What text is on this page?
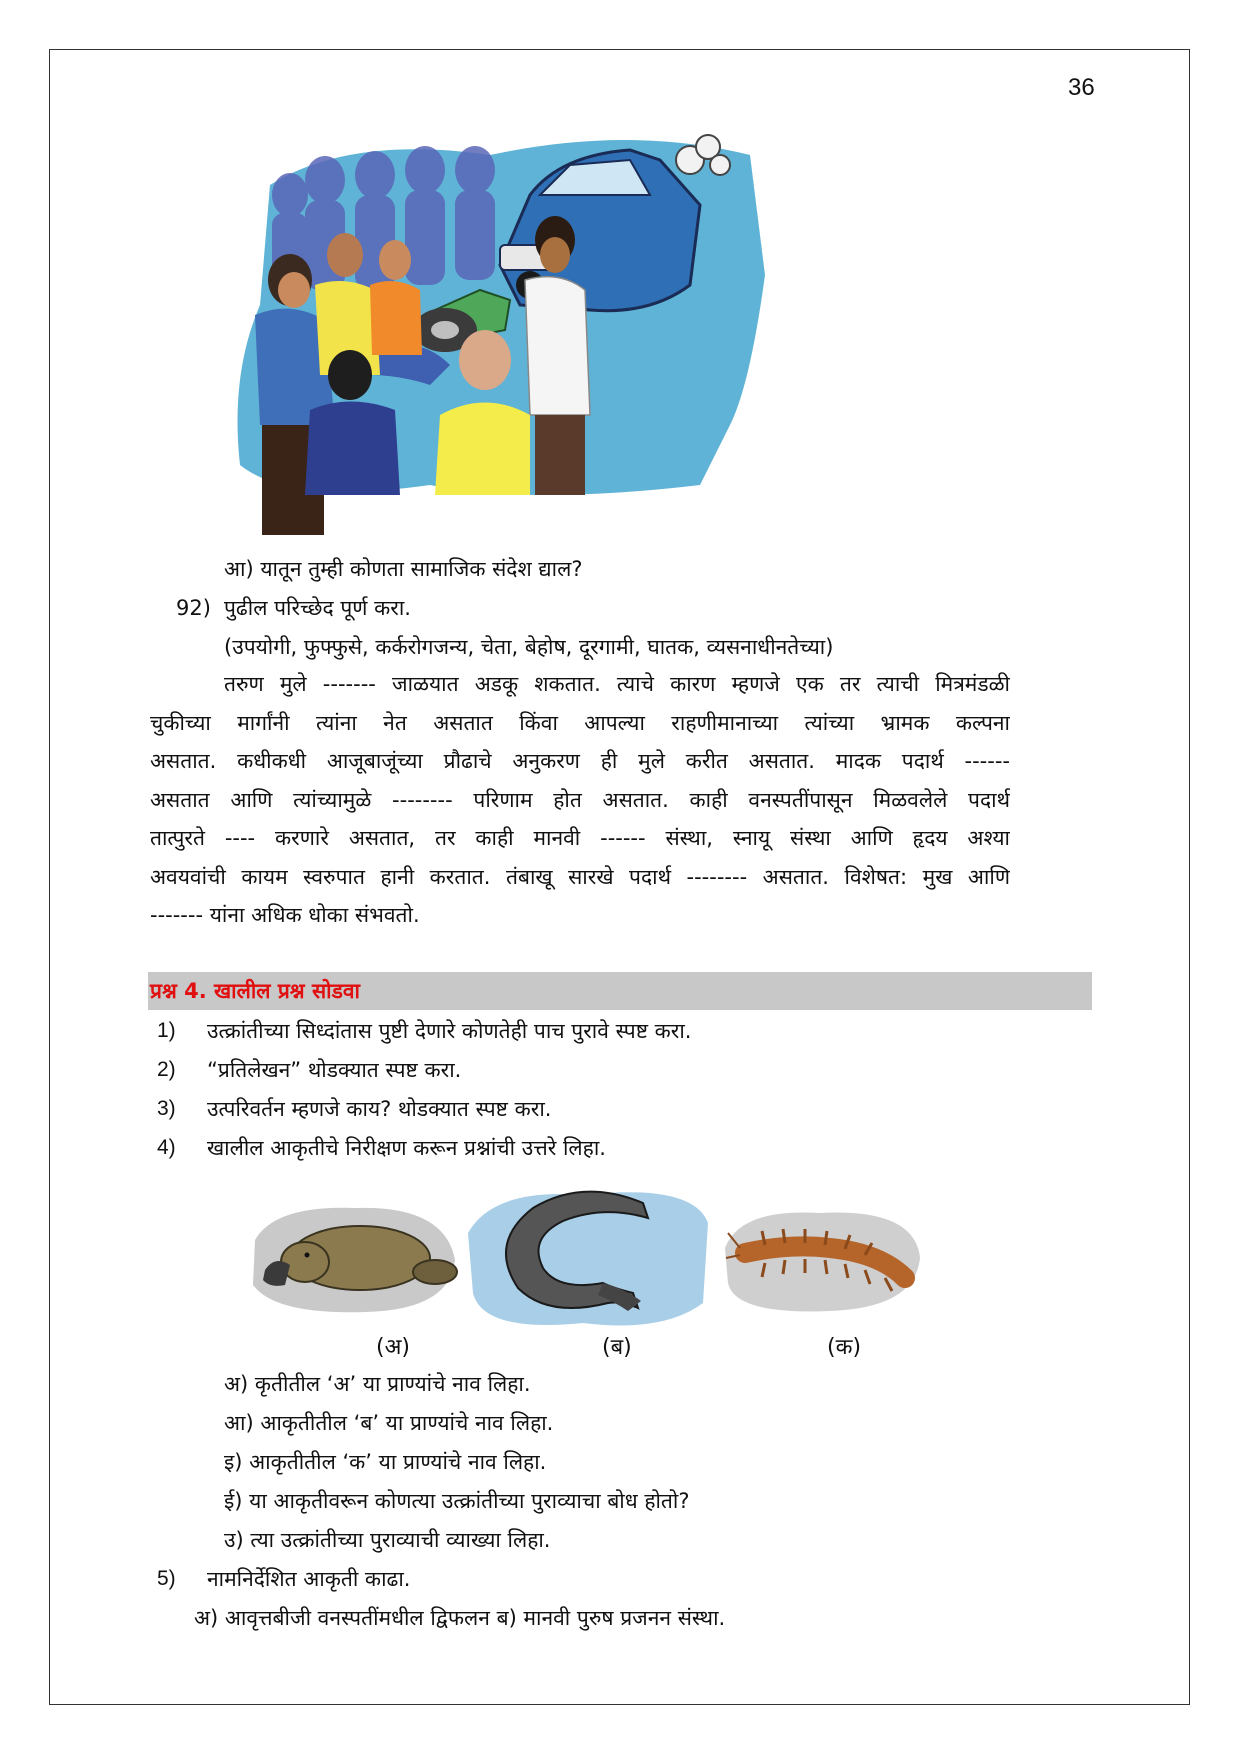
36
आ) यातून तुम्ही कोणता सामाजिक संदेश द्याल?
92) पुढील परिच्छेद पूर्ण करा.
(उपयोगी, फुफ्फुसे, कर्करोगजन्य, चेता, बेहोष, दूरगामी, घातक, व्यसनाधीनतेच्या)
तरुण मुले ------- जाळयात अडकू शकतात. त्याचे कारण म्हणजे एक तर त्याची मित्रमंडळी
चुकीच्या मार्गांनी त्यांना नेत असतात किंवा आपल्या राहणीमानाच्या त्यांच्या भ्रामक कल्पना
असतात. कधीकधी आजूबाजूंच्या प्रौढाचे अनुकरण ही मुले करीत असतात. मादक पदार्थ ------
असतात आणि त्यांच्यामुळे -------- परिणाम होत असतात. काही वनस्पतींपासून मिळवलेले पदार्थ
तात्पुरते ---- करणारे असतात, तर काही मानवी ------ संस्था, स्नायू संस्था आणि हृदय अश्या
अवयवांची कायम स्वरुपात हानी करतात. तंबाखू सारखे पदार्थ -------- असतात. विशेषत: मुख आणि
------- यांना अधिक धोका संभवतो.
प्रश्न 4. खालील प्रश्न सोडवा
1) उत्क्रांतीच्या सिध्दांतास पुष्टी देणारे कोणतेही पाच पुरावे स्पष्ट करा.
2) “प्रतिलेखन” थोडक्यात स्पष्ट करा.
3) उत्परिवर्तन म्हणजे काय? थोडक्यात स्पष्ट करा.
4) खालील आकृतीचे निरीक्षण करून प्रश्नांची उत्तरे लिहा.
(अ)	(ब)	(क)
अ) कृतीतील ‘अ’ या प्राण्यांचे नाव लिहा.
आ) आकृतीतील ‘ब’ या प्राण्यांचे नाव लिहा.
इ) आकृतीतील ‘क’ या प्राण्यांचे नाव लिहा.
ई) या आकृतीवरून कोणत्या उत्क्रांतीच्या पुराव्याचा बोध होतो?
उ) त्या उत्क्रांतीच्या पुराव्याची व्याख्या लिहा.
5) नामनिर्देशित आकृती काढा.
अ) आवृत्तबीजी वनस्पतींमधील द्विफलन ब) मानवी पुरुष प्रजनन संस्था.
